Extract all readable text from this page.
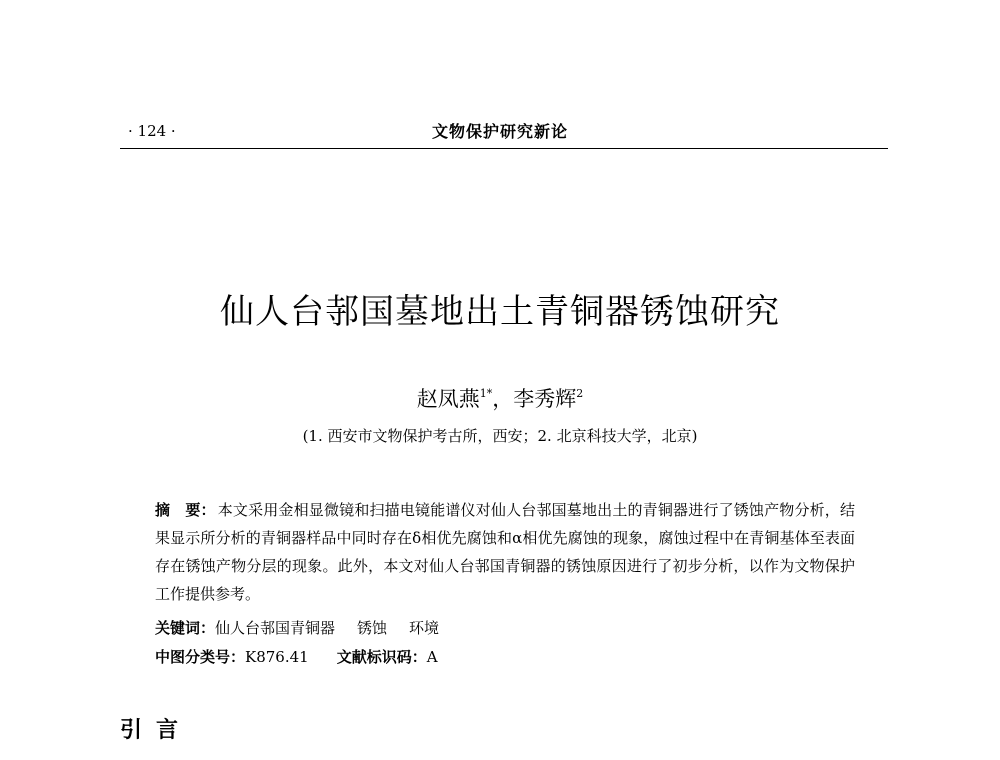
· 124 ·	文物保护研究新论
仙人台邿国墓地出土青铜器锈蚀研究
赵凤燕$^{1*}$，李秀辉$^2$
(1. 西安市文物保护考古所，西安；2. 北京科技大学，北京)
摘　要： 本文采用金相显微镜和扫描电镜能谱仪对仙人台邿国墓地出土的青铜器进行了锈蚀产物分析，结果显示所分析的青铜器样品中同时存在δ相优先腐蚀和α相优先腐蚀的现象，腐蚀过程中在青铜基体至表面存在锈蚀产物分层的现象。此外，本文对仙人台邿国青铜器的锈蚀原因进行了初步分析，以作为文物保护工作提供参考。
关键词：仙人台邿国青铜器 锈蚀 环境
中图分类号：K876.41 文献标识码：A
引言
